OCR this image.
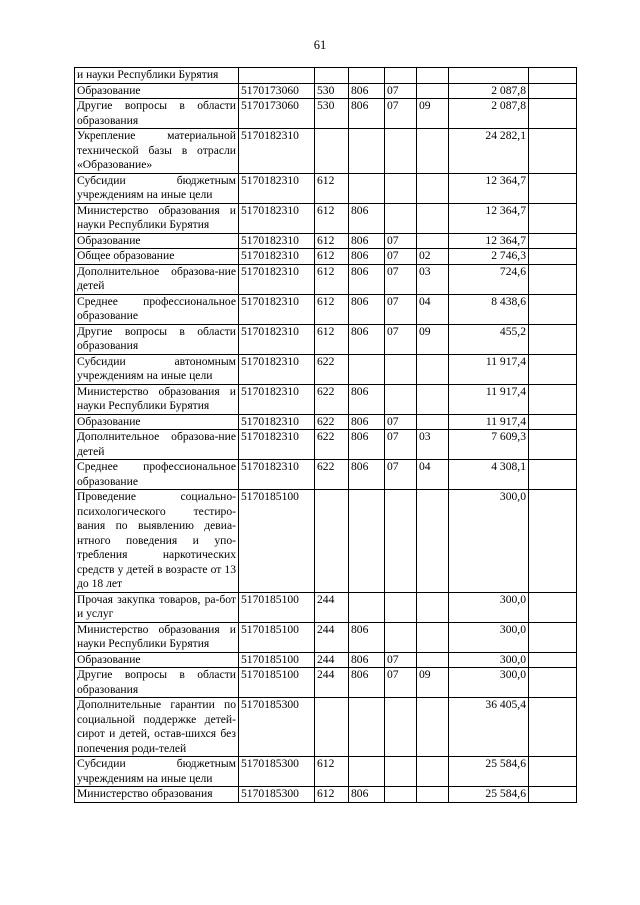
61
и науки Республики Бурятия							
Образование	5170173060	530	806	07		2 087,8	
Другие вопросы в области образования	5170173060	530	806	07	09	2 087,8	
Укрепление материальной технической базы в отрасли «Образование»	5170182310					24 282,1	
Субсидии бюджетным учреждениям на иные цели	5170182310	612				12 364,7	
Министерство образования и науки Республики Бурятия	5170182310	612	806			12 364,7	
Образование	5170182310	612	806	07		12 364,7	
Общее образование	5170182310	612	806	07	02	2 746,3	
Дополнительное образова-ние детей	5170182310	612	806	07	03	724,6	
Среднее профессиональное образование	5170182310	612	806	07	04	8 438,6	
Другие вопросы в области образования	5170182310	612	806	07	09	455,2	
Субсидии автономным учреждениям на иные цели	5170182310	622				11 917,4	
Министерство образования и науки Республики Бурятия	5170182310	622	806			11 917,4	
Образование	5170182310	622	806	07		11 917,4	
Дополнительное образова-ние детей	5170182310	622	806	07	03	7 609,3	
Среднее профессиональное образование	5170182310	622	806	07	04	4 308,1	
Проведение социально-психологического тестиро-вания по выявлению девиа-нтного поведения и упо-требления наркотических средств у детей в возрасте от 13 до 18 лет	5170185100					300,0	
Прочая закупка товаров, ра-бот и услуг	5170185100	244				300,0	
Министерство образования и науки Республики Бурятия	5170185100	244	806			300,0	
Образование	5170185100	244	806	07		300,0	
Другие вопросы в области образования	5170185100	244	806	07	09	300,0	
Дополнительные гарантии по социальной поддержке детей-сирот и детей, остав-шихся без попечения роди-телей	5170185300					36 405,4	
Субсидии бюджетным учреждениям на иные цели	5170185300	612				25 584,6	
Министерство образования	5170185300	612	806			25 584,6	
